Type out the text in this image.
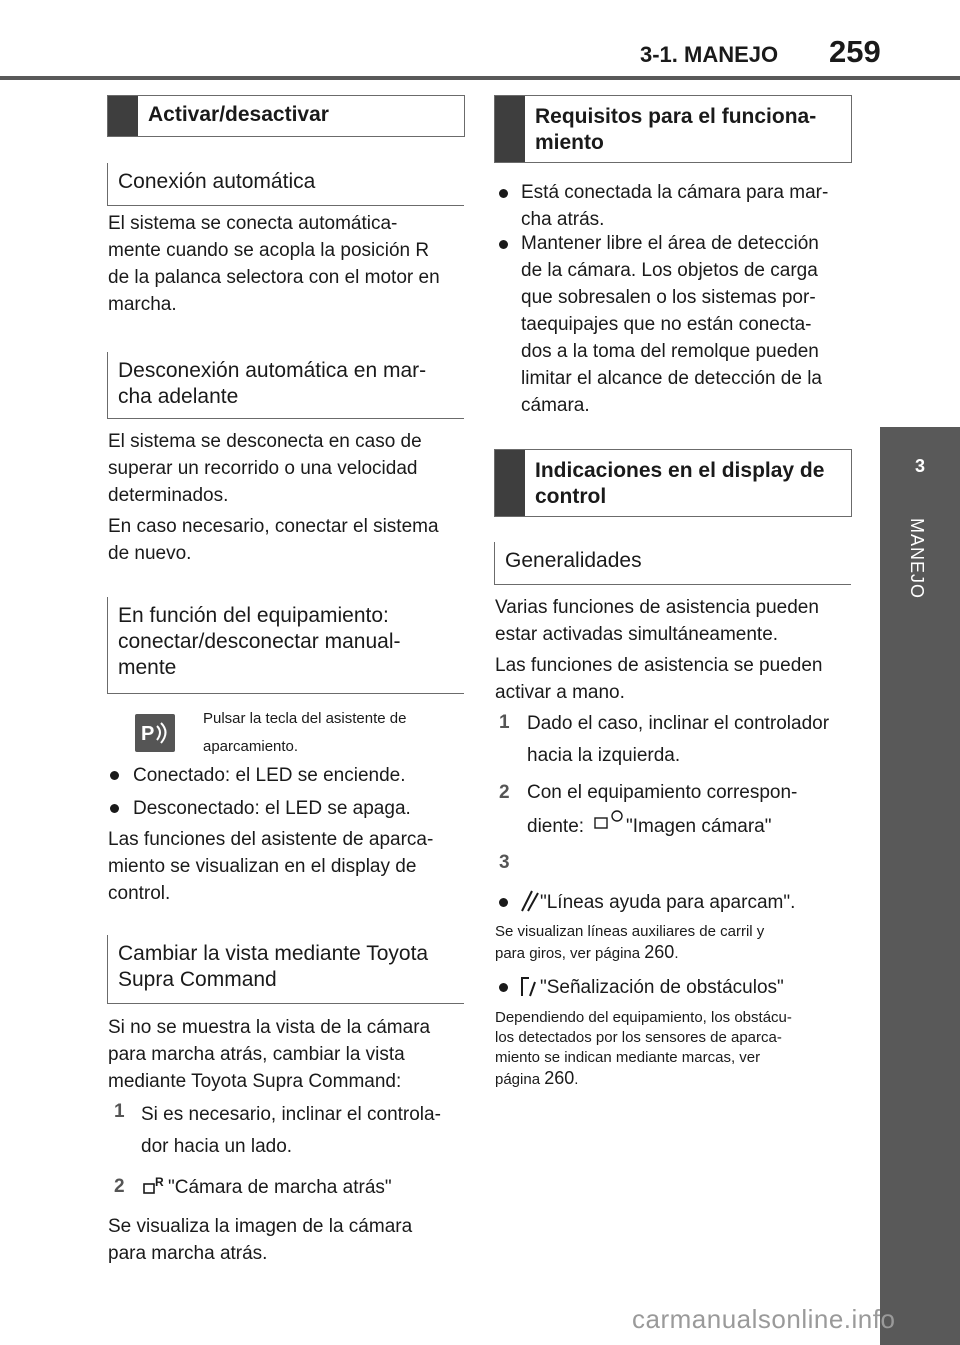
3-1. MANEJO 259
3
MANEJO
Activar/desactivar
Conexión automática

El sistema se conecta automática-

mente cuando se acopla la posición R

de la palanca selectora con el motor en

marcha.

Desconexión automática en mar-
cha adelante

El sistema se desconecta en caso de

superar un recorrido o una velocidad

determinados.

En caso necesario, conectar el sistema

de nuevo.

En función del equipamiento:
conectar/desconectar manual-
mente
P
Pulsar la tecla del asistente de
aparcamiento.
Conectado: el LED se enciende.
Desconectado: el LED se apaga.

Las funciones del asistente de aparca-

miento se visualizan en el display de

control.

Cambiar la vista mediante Toyota
Supra Command

Si no se muestra la vista de la cámara

para marcha atrás, cambiar la vista

mediante Toyota Supra Command:

1 Si es necesario, inclinar el controla-
dor hacia un lado.
2	R "Cámara de marcha atrás"

Se visualiza la imagen de la cámara

para marcha atrás.

Requisitos para el funciona-
miento

Está conectada la cámara para mar-

cha atrás.

Mantener libre el área de detección

de la cámara. Los objetos de carga

que sobresalen o los sistemas por-

taequipajes que no están conecta-

dos a la toma del remolque pueden

limitar el alcance de detección de la

cámara.

Indicaciones en el display de
control
Generalidades

Varias funciones de asistencia pueden

estar activadas simultáneamente.

Las funciones de asistencia se pueden

activar a mano.

1 Dado el caso, inclinar el controlador
hacia la izquierda.
2 Con el equipamiento correspon-
diente: "Imagen cámara"
3
"Líneas ayuda para aparcam".
Se visualizan líneas auxiliares de carril y
para giros, ver página 260.
"Señalización de obstáculos"
Dependiendo del equipamiento, los obstácu-
los detectados por los sensores de aparca-
miento se indican mediante marcas, ver
página 260.
carmanualsonline.info
